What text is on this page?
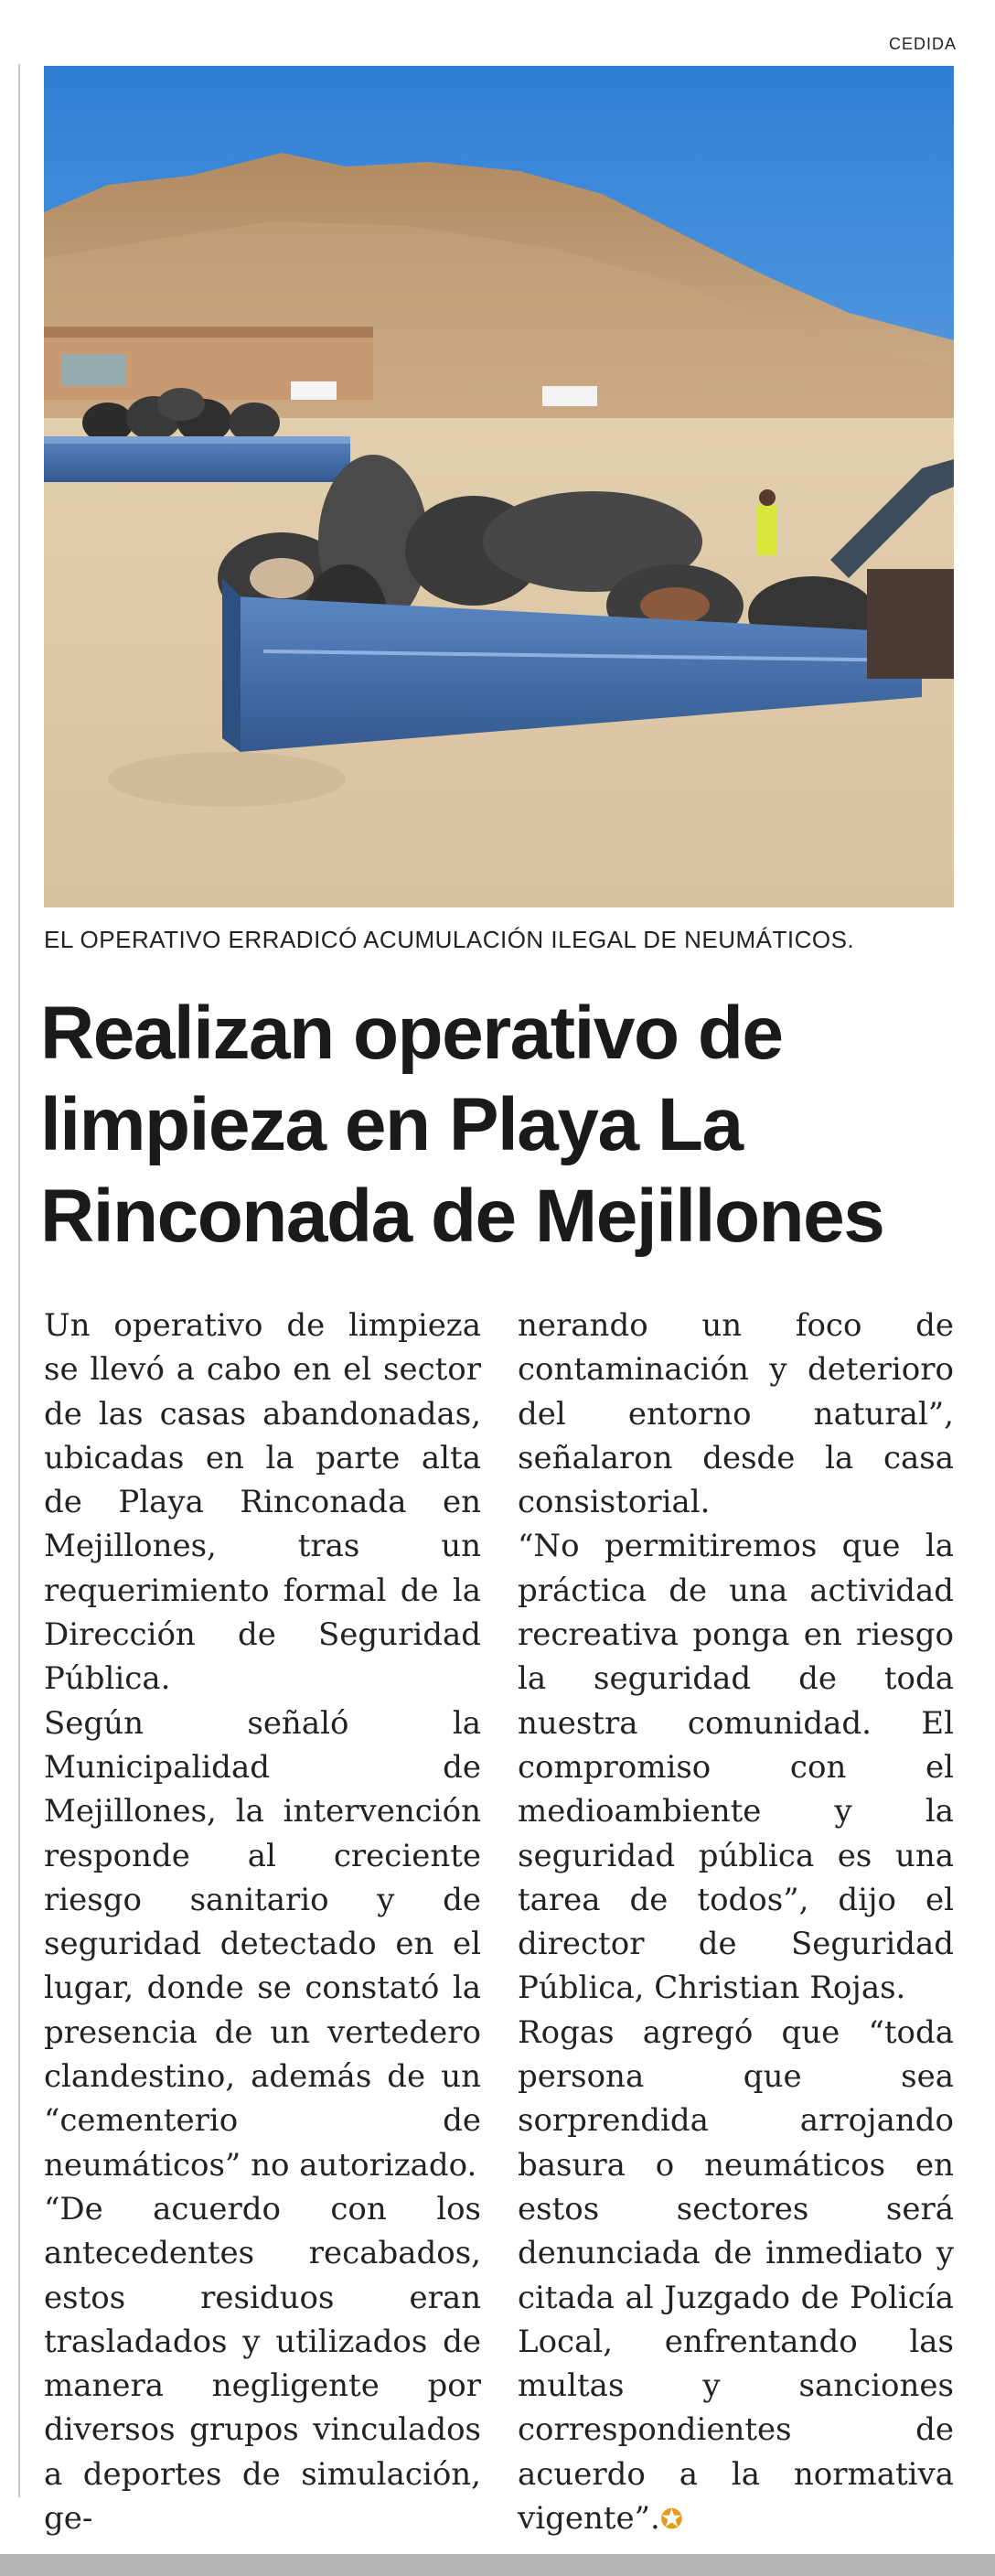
CEDIDA
EL OPERATIVO ERRADICÓ ACUMULACIÓN ILEGAL DE NEUMÁTICOS.
Realizan operativo de
limpieza en Playa La
Rinconada de Mejillones

Un operativo de limpieza se llevó a cabo en el sector de las casas abandonadas, ubicadas en la parte alta de Playa Rinconada en Mejillones, tras un requerimiento formal de la Dirección de Seguridad Pública.

Según señaló la Municipalidad de Mejillones, la intervención responde al creciente riesgo sanitario y de seguridad detectado en el lugar, donde se constató la presencia de un vertedero clandestino, además de un “cementerio de neumáticos” no autorizado.

“De acuerdo con los antecedentes recabados, estos residuos eran trasladados y utilizados de manera negligente por diversos grupos vinculados a deportes de simulación, ge-

nerando un foco de contaminación y deterioro del entorno natural”, señalaron desde la casa consistorial.

“No permitiremos que la práctica de una actividad recreativa ponga en riesgo la seguridad de toda nuestra comunidad. El compromiso con el medioambiente y la seguridad pública es una tarea de todos”, dijo el director de Seguridad Pública, Christian Rojas.

Rogas agregó que “toda persona que sea sorprendida arrojando basura o neumáticos en estos sectores será denunciada de inmediato y citada al Juzgado de Policía Local, enfrentando las multas y sanciones correspondientes de acuerdo a la normativa vigente”.✪
